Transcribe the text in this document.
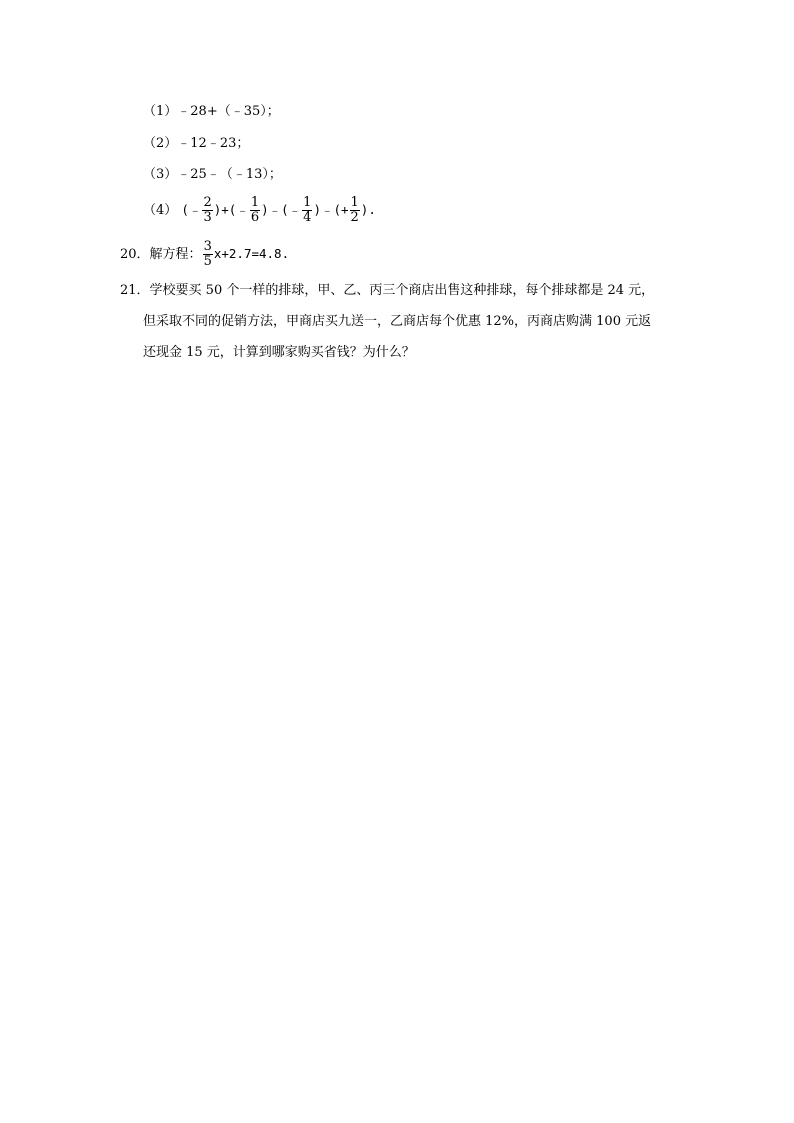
（1）﹣28+（﹣35）；
（2）﹣12﹣23；
（3）﹣25﹣（﹣13）；
（4） (﹣ $\frac{2}{3}$ )+(﹣ $\frac{1}{6}$ )﹣(﹣ $\frac{1}{4}$ )﹣(+ $\frac{1}{2}$ ).
20．解方程： $\frac{3}{5} x+2.7=4.8$.
21．学校要买 50 个一样的排球，甲、乙、丙三个商店出售这种排球，每个排球都是 24 元，
但采取不同的促销方法，甲商店买九送一，乙商店每个优惠 12%，丙商店购满 100 元返
还现金 15 元，计算到哪家购买省钱？为什么？
